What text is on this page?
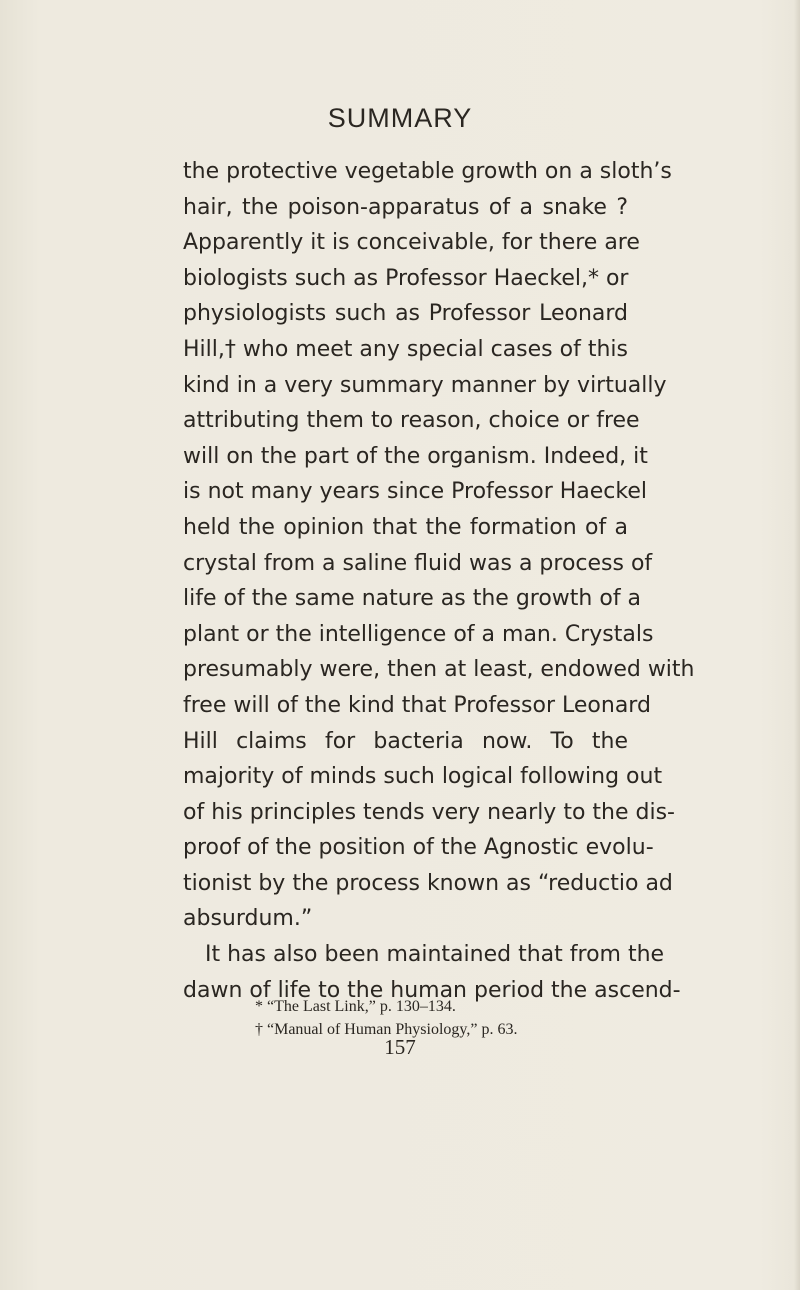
SUMMARY
the protective vegetable growth on a sloth’s
hair, the poison-apparatus of a snake ?
Apparently it is conceivable, for there are
biologists such as Professor Haeckel,* or
physiologists such as Professor Leonard
Hill,† who meet any special cases of this
kind in a very summary manner by virtually
attributing them to reason, choice or free
will on the part of the organism. Indeed, it
is not many years since Professor Haeckel
held the opinion that the formation of a
crystal from a saline fluid was a process of
life of the same nature as the growth of a
plant or the intelligence of a man. Crystals
presumably were, then at least, endowed with
free will of the kind that Professor Leonard
Hill claims for bacteria now. To the
majority of minds such logical following out
of his principles tends very nearly to the dis-
proof of the position of the Agnostic evolu-
tionist by the process known as “reductio ad
absurdum.”
It has also been maintained that from the
dawn of life to the human period the ascend-
* “The Last Link,” p. 130–134.
† “Manual of Human Physiology,” p. 63.
157
